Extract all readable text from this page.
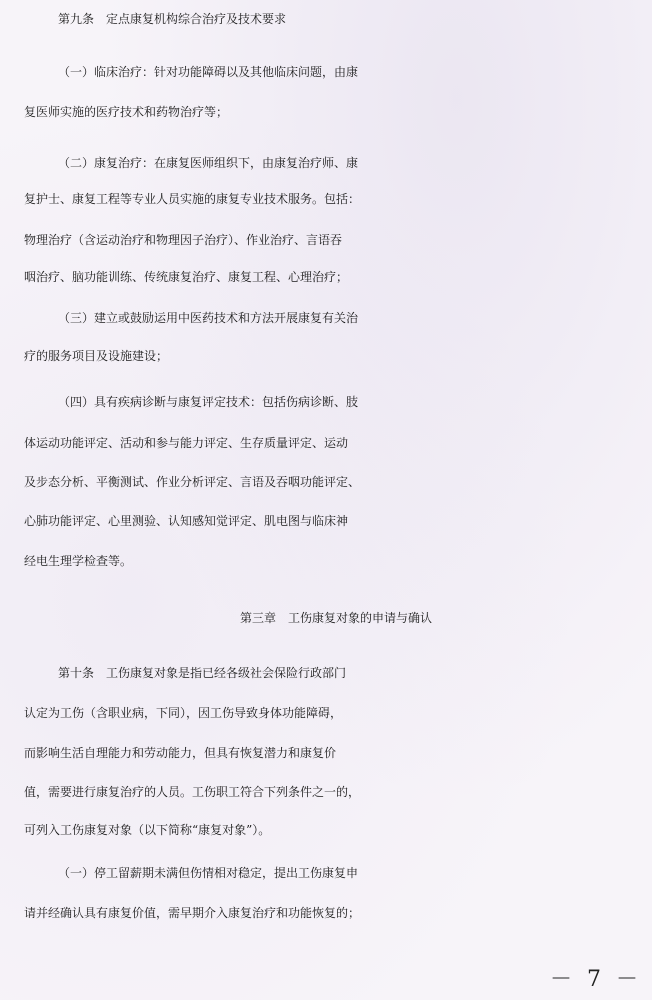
第九条　定点康复机构综合治疗及技术要求

（一）临床治疗：针对功能障碍以及其他临床问题，由康

复医师实施的医疗技术和药物治疗等；

（二）康复治疗：在康复医师组织下，由康复治疗师、康

复护士、康复工程等专业人员实施的康复专业技术服务。包括：

物理治疗（含运动治疗和物理因子治疗）、作业治疗、言语吞

咽治疗、脑功能训练、传统康复治疗、康复工程、心理治疗；

（三）建立或鼓励运用中医药技术和方法开展康复有关治

疗的服务项目及设施建设；

（四）具有疾病诊断与康复评定技术：包括伤病诊断、肢

体运动功能评定、活动和参与能力评定、生存质量评定、运动

及步态分析、平衡测试、作业分析评定、言语及吞咽功能评定、

心肺功能评定、心里测验、认知感知觉评定、肌电图与临床神

经电生理学检查等。

第三章　工伤康复对象的申请与确认

第十条　工伤康复对象是指已经各级社会保险行政部门

认定为工伤（含职业病，下同），因工伤导致身体功能障碍，

而影响生活自理能力和劳动能力，但具有恢复潜力和康复价

值，需要进行康复治疗的人员。工伤职工符合下列条件之一的，

可列入工伤康复对象（以下简称“康复对象”）。

（一）停工留薪期未满但伤情相对稳定，提出工伤康复申

请并经确认具有康复价值，需早期介入康复治疗和功能恢复的；

－ 7 －
